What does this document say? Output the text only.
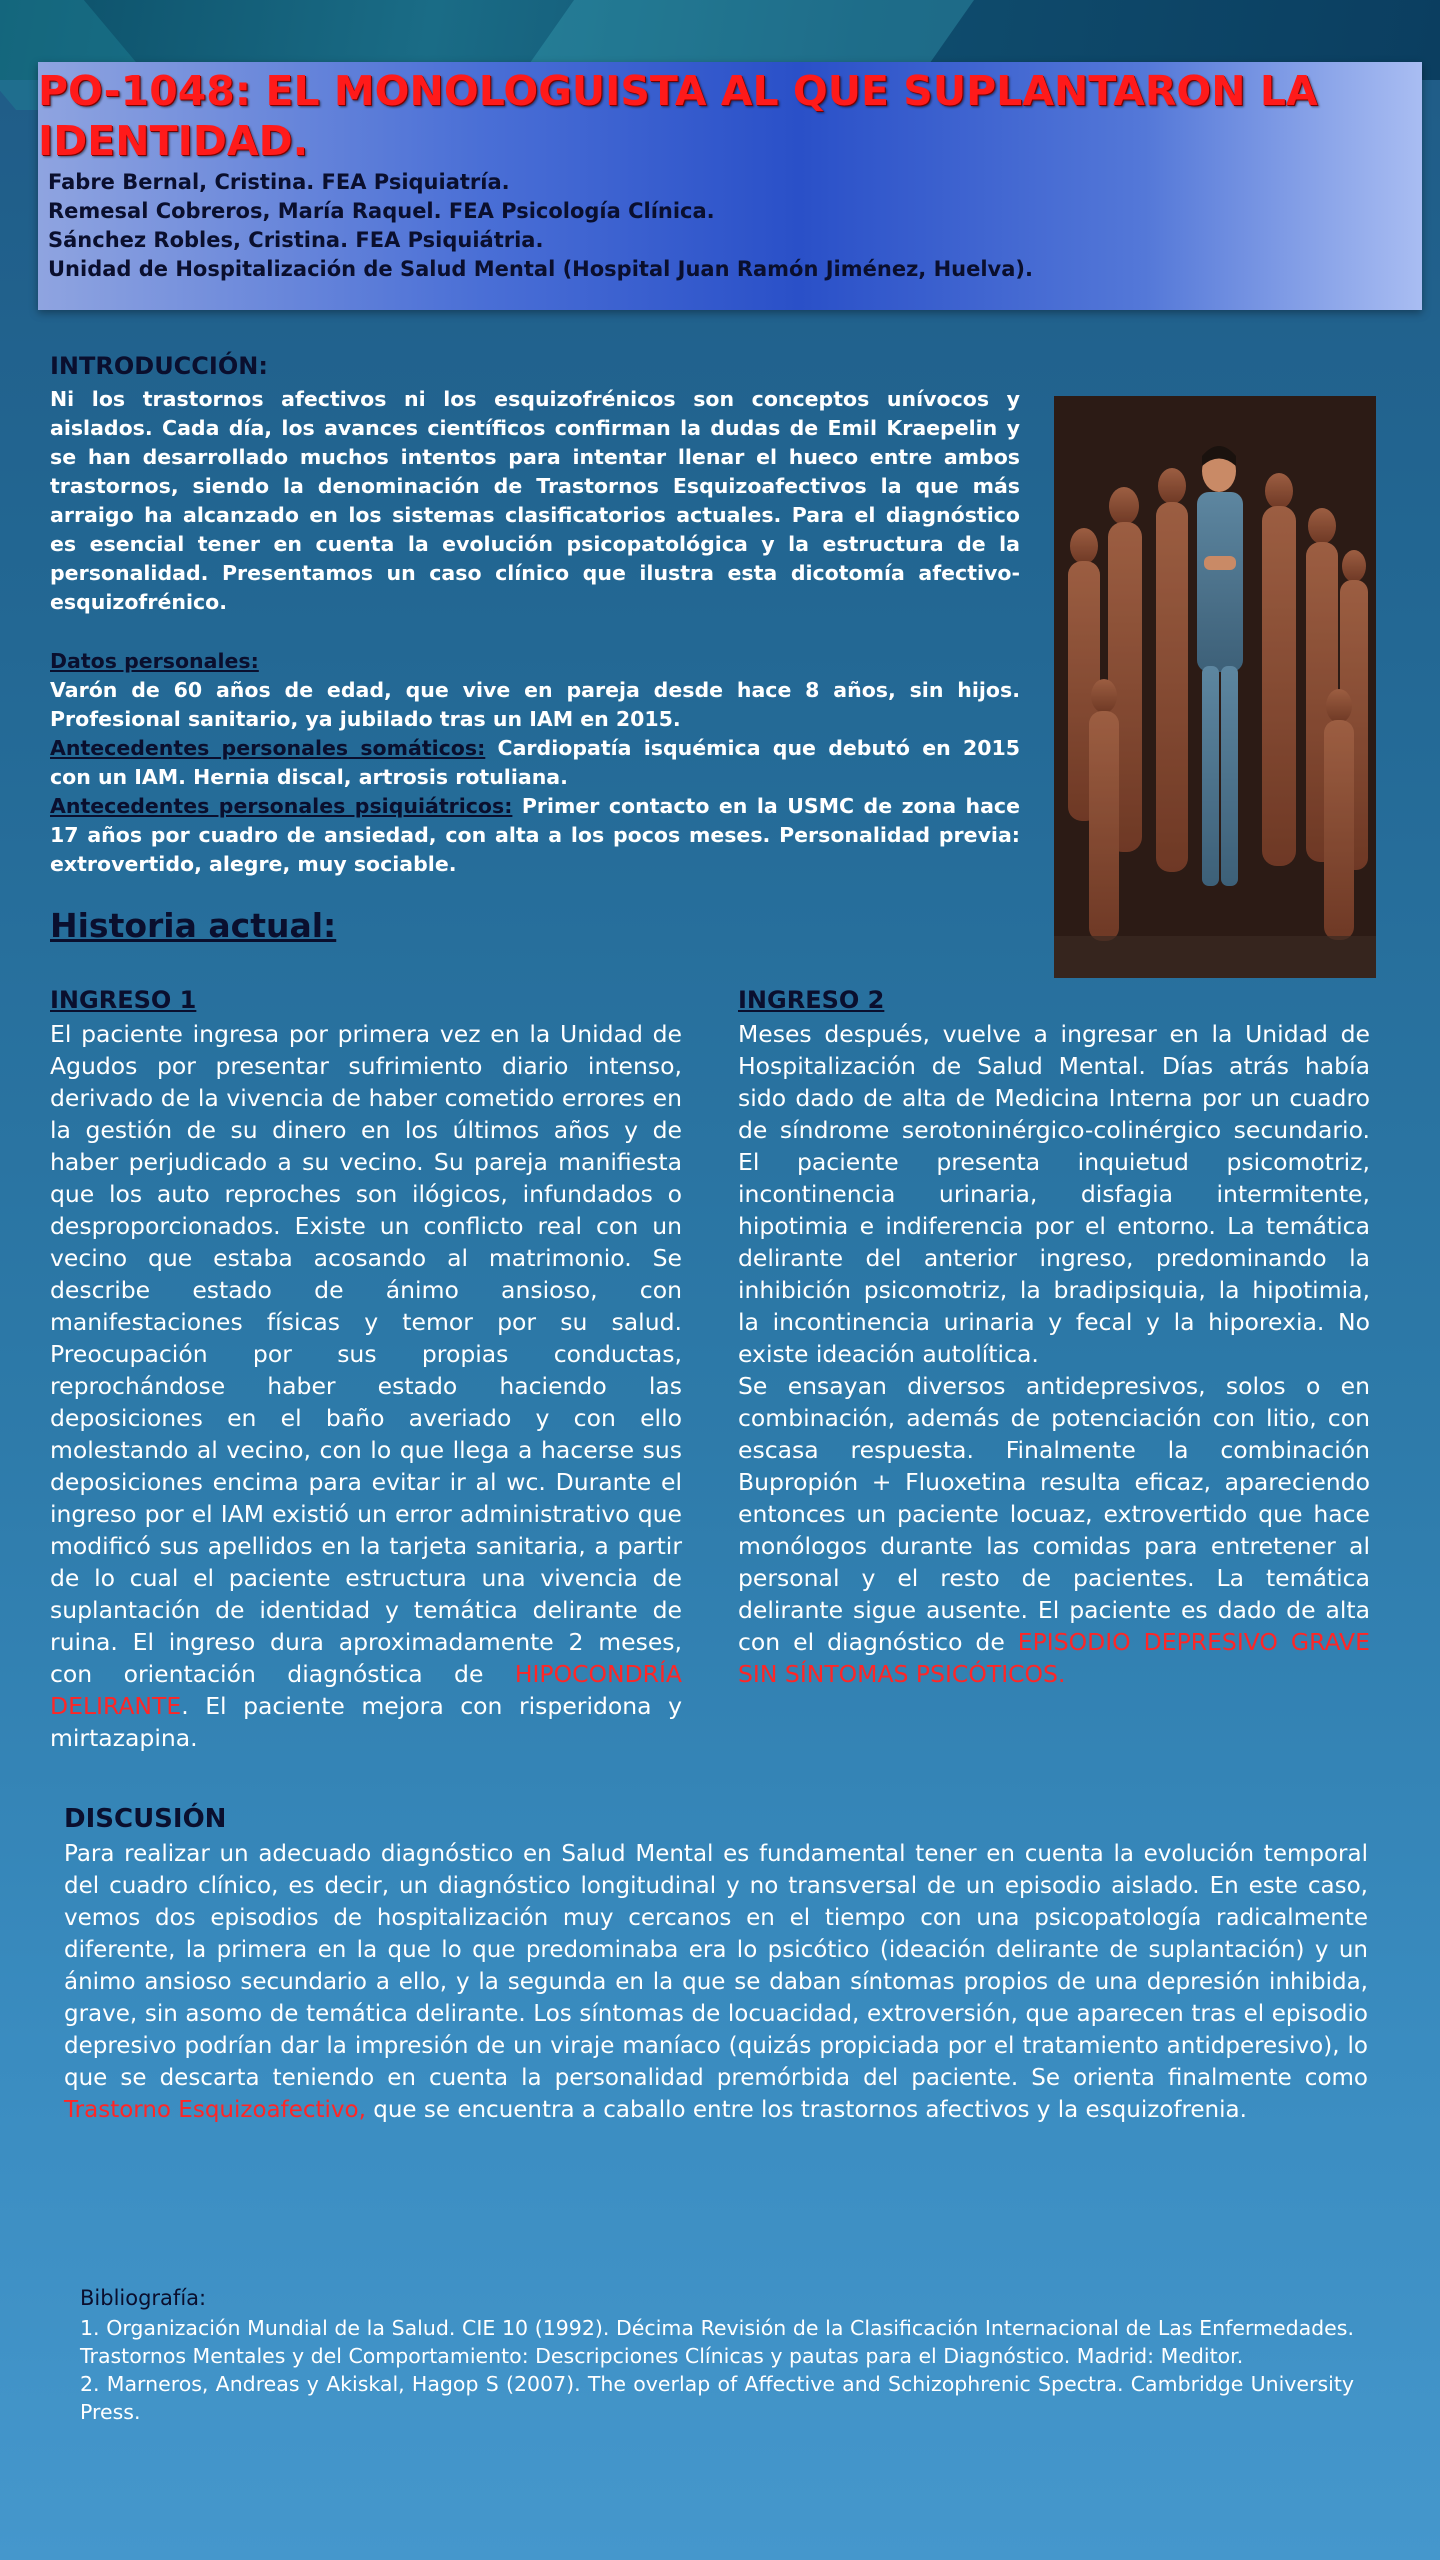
PO-1048: EL MONOLOGUISTA AL QUE SUPLANTARON LA IDENTIDAD.
Fabre Bernal, Cristina. FEA Psiquiatría.
Remesal Cobreros, María Raquel. FEA Psicología Clínica.
Sánchez Robles, Cristina. FEA Psiquiátria.
Unidad de Hospitalización de Salud Mental (Hospital Juan Ramón Jiménez, Huelva).
INTRODUCCIÓN:

Ni los trastornos afectivos ni los esquizofrénicos son conceptos unívocos y aislados. Cada día, los avances científicos confirman la dudas de Emil Kraepelin y se han desarrollado muchos intentos para intentar llenar el hueco entre ambos trastornos, siendo la denominación de Trastornos Esquizoafectivos la que más arraigo ha alcanzado en los sistemas clasificatorios actuales. Para el diagnóstico es esencial tener en cuenta la evolución psicopatológica y la estructura de la personalidad. Presentamos un caso clínico que ilustra esta dicotomía afectivo-esquizofrénico.

Datos personales:

Varón de 60 años de edad, que vive en pareja desde hace 8 años, sin hijos. Profesional sanitario, ya jubilado tras un IAM en 2015.

Antecedentes personales somáticos: Cardiopatía isquémica que debutó en 2015 con un IAM. Hernia discal, artrosis rotuliana.

Antecedentes personales psiquiátricos: Primer contacto en la USMC de zona hace 17 años por cuadro de ansiedad, con alta a los pocos meses. Personalidad previa: extrovertido, alegre, muy sociable.

Historia actual:
INGRESO 1

El paciente ingresa por primera vez en la Unidad de Agudos por presentar sufrimiento diario intenso, derivado de la vivencia de haber cometido errores en la gestión de su dinero en los últimos años y de haber perjudicado a su vecino. Su pareja manifiesta que los auto reproches son ilógicos, infundados o desproporcionados. Existe un conflicto real con un vecino que estaba acosando al matrimonio. Se describe estado de ánimo ansioso, con manifestaciones físicas y temor por su salud. Preocupación por sus propias conductas, reprochándose haber estado haciendo las deposiciones en el baño averiado y con ello molestando al vecino, con lo que llega a hacerse sus deposiciones encima para evitar ir al wc. Durante el ingreso por el IAM existió un error administrativo que modificó sus apellidos en la tarjeta sanitaria, a partir de lo cual el paciente estructura una vivencia de suplantación de identidad y temática delirante de ruina. El ingreso dura aproximadamente 2 meses, con orientación diagnóstica de HIPOCONDRÍA DELIRANTE. El paciente mejora con risperidona y mirtazapina.

INGRESO 2

Meses después, vuelve a ingresar en la Unidad de Hospitalización de Salud Mental. Días atrás había sido dado de alta de Medicina Interna por un cuadro de síndrome serotoninérgico-colinérgico secundario. El paciente presenta inquietud psicomotriz, incontinencia urinaria, disfagia intermitente, hipotimia e indiferencia por el entorno. La temática delirante del anterior ingreso, predominando la inhibición psicomotriz, la bradipsiquia, la hipotimia, la incontinencia urinaria y fecal y la hiporexia. No existe ideación autolítica.

Se ensayan diversos antidepresivos, solos o en combinación, además de potenciación con litio, con escasa respuesta. Finalmente la combinación Bupropión + Fluoxetina resulta eficaz, apareciendo entonces un paciente locuaz, extrovertido que hace monólogos durante las comidas para entretener al personal y el resto de pacientes. La temática delirante sigue ausente. El paciente es dado de alta con el diagnóstico de EPISODIO DEPRESIVO GRAVE SIN SÍNTOMAS PSICÓTICOS.

DISCUSIÓN

Para realizar un adecuado diagnóstico en Salud Mental es fundamental tener en cuenta la evolución temporal del cuadro clínico, es decir, un diagnóstico longitudinal y no transversal de un episodio aislado. En este caso, vemos dos episodios de hospitalización muy cercanos en el tiempo con una psicopatología radicalmente diferente, la primera en la que lo que predominaba era lo psicótico (ideación delirante de suplantación) y un ánimo ansioso secundario a ello, y la segunda en la que se daban síntomas propios de una depresión inhibida, grave, sin asomo de temática delirante. Los síntomas de locuacidad, extroversión, que aparecen tras el episodio depresivo podrían dar la impresión de un viraje maníaco (quizás propiciada por el tratamiento antidperesivo), lo que se descarta teniendo en cuenta la personalidad premórbida del paciente. Se orienta finalmente como Trastorno Esquizoafectivo, que se encuentra a caballo entre los trastornos afectivos y la esquizofrenia.

Bibliografía:

1. Organización Mundial de la Salud. CIE 10 (1992). Décima Revisión de la Clasificación Internacional de Las Enfermedades. Trastornos Mentales y del Comportamiento: Descripciones Clínicas y pautas para el Diagnóstico. Madrid: Meditor.

2. Marneros, Andreas y Akiskal, Hagop S (2007). The overlap of Affective and Schizophrenic Spectra. Cambridge University Press.
